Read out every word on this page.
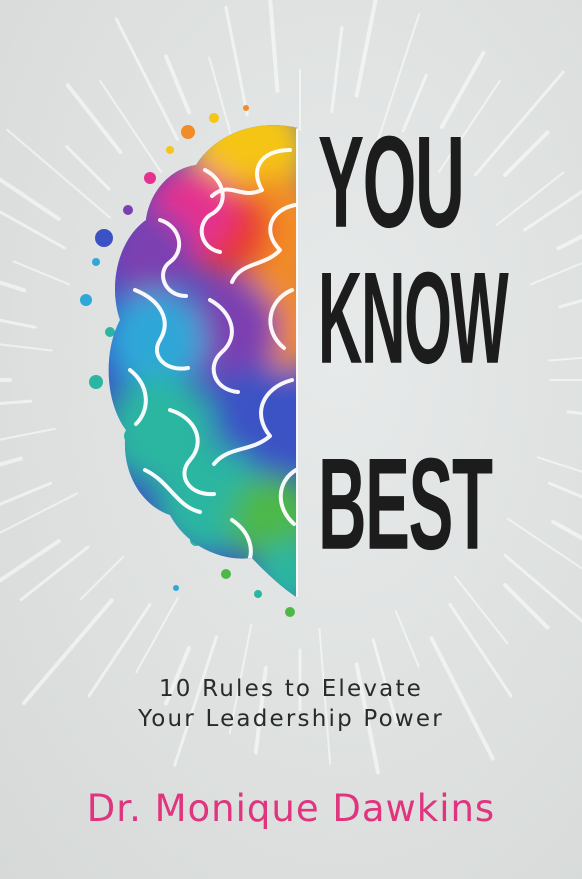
YOU
KNOW
BEST
10 Rules to Elevate
Your Leadership Power
Dr. Monique Dawkins
